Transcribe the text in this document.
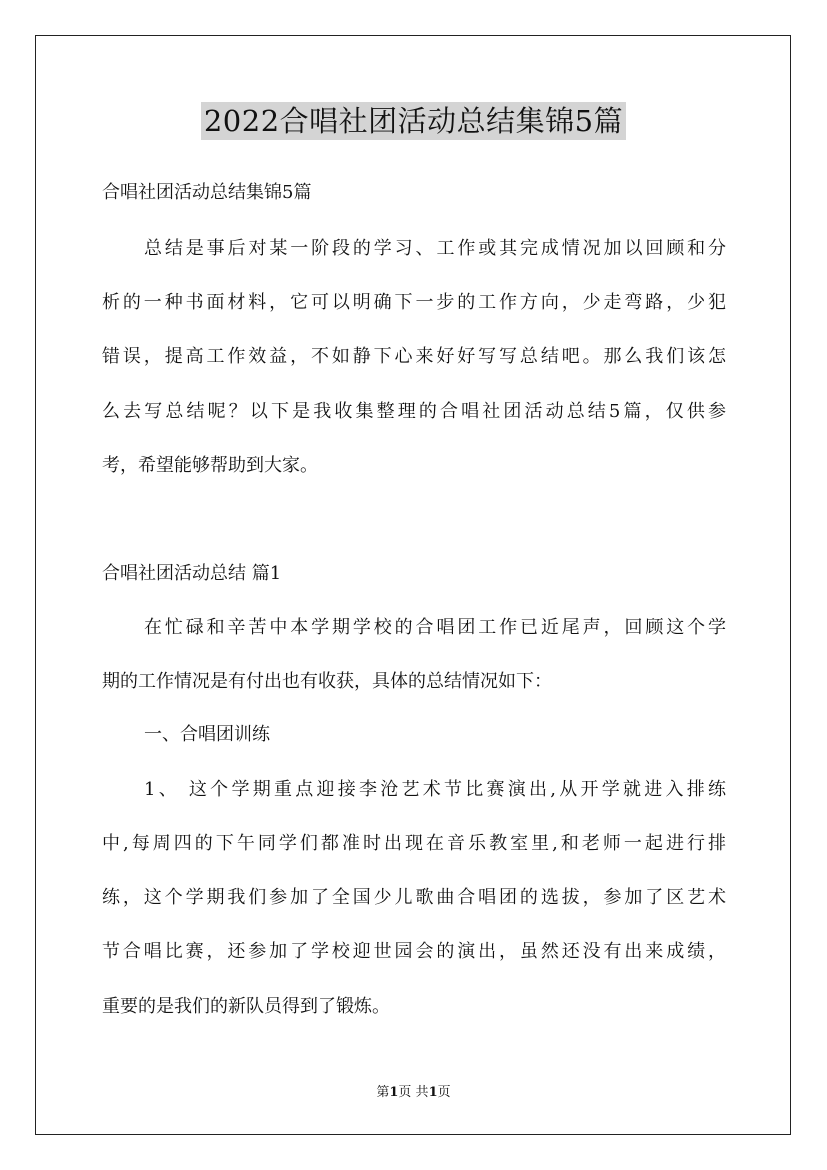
2022合唱社团活动总结集锦5篇
合唱社团活动总结集锦5篇
总结是事后对某一阶段的学习、工作或其完成情况加以回顾和分
析的一种书面材料，它可以明确下一步的工作方向，少走弯路，少犯
错误，提高工作效益，不如静下心来好好写写总结吧。那么我们该怎
么去写总结呢？以下是我收集整理的合唱社团活动总结5篇，仅供参
考，希望能够帮助到大家。
合唱社团活动总结 篇1
在忙碌和辛苦中本学期学校的合唱团工作已近尾声，回顾这个学
期的工作情况是有付出也有收获，具体的总结情况如下：
一、合唱团训练
1、 这个学期重点迎接李沧艺术节比赛演出,从开学就进入排练
中,每周四的下午同学们都准时出现在音乐教室里,和老师一起进行排
练，这个学期我们参加了全国少儿歌曲合唱团的选拔，参加了区艺术
节合唱比赛，还参加了学校迎世园会的演出，虽然还没有出来成绩，
重要的是我们的新队员得到了锻炼。
第1页 共1页
